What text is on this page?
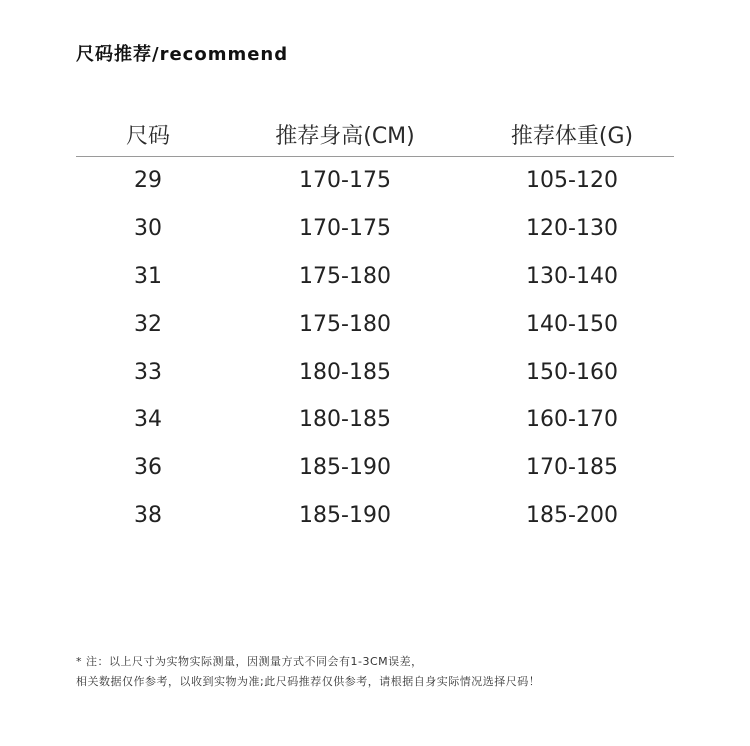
尺码推荐/recommend
尺码	推荐身高(CM)	推荐体重(G)
29	170-175	105-120
30	170-175	120-130
31	175-180	130-140
32	175-180	140-150
33	180-185	150-160
34	180-185	160-170
36	185-190	170-185
38	185-190	185-200

* 注：以上尺寸为实物实际测量，因测量方式不同会有1-3CM误差，

相关数据仅作参考，以收到实物为准;此尺码推荐仅供参考，请根据自身实际情况选择尺码！
